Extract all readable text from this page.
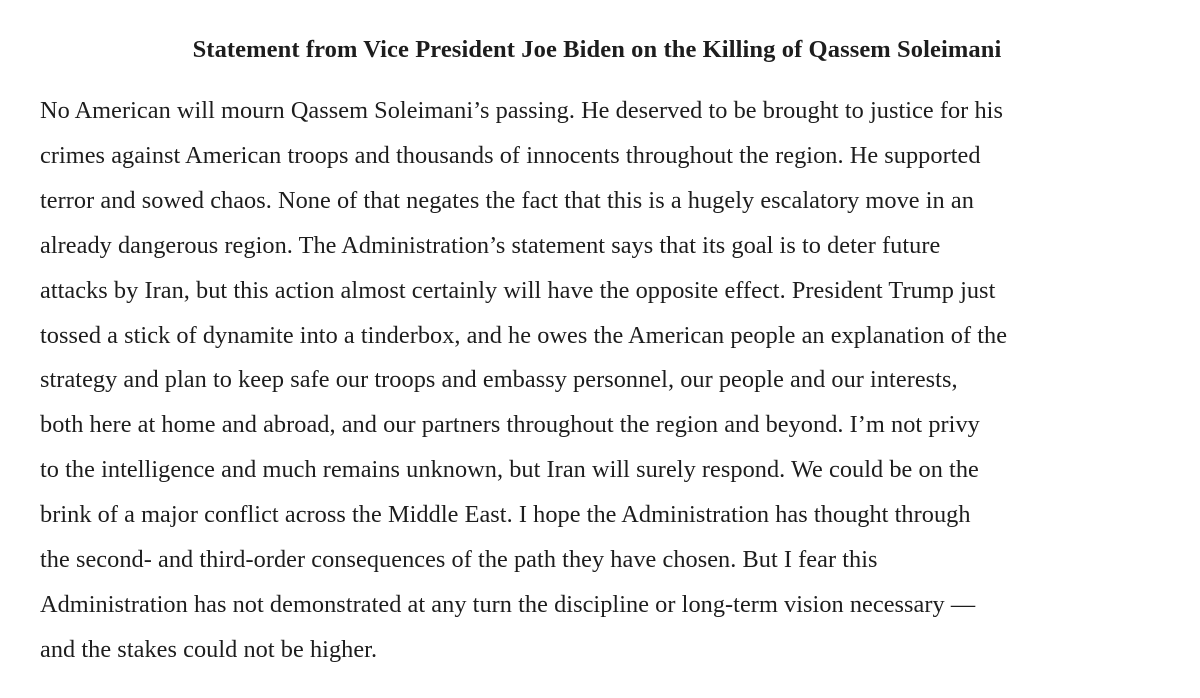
Statement from Vice President Joe Biden on the Killing of Qassem Soleimani

No American will mourn Qassem Soleimani’s passing. He deserved to be brought to justice for his
crimes against American troops and thousands of innocents throughout the region. He supported
terror and sowed chaos. None of that negates the fact that this is a hugely escalatory move in an
already dangerous region. The Administration’s statement says that its goal is to deter future
attacks by Iran, but this action almost certainly will have the opposite effect. President Trump just
tossed a stick of dynamite into a tinderbox, and he owes the American people an explanation of the
strategy and plan to keep safe our troops and embassy personnel, our people and our interests,
both here at home and abroad, and our partners throughout the region and beyond. I’m not privy
to the intelligence and much remains unknown, but Iran will surely respond. We could be on the
brink of a major conflict across the Middle East. I hope the Administration has thought through
the second- and third-order consequences of the path they have chosen. But I fear this
Administration has not demonstrated at any turn the discipline or long-term vision necessary —
and the stakes could not be higher.
